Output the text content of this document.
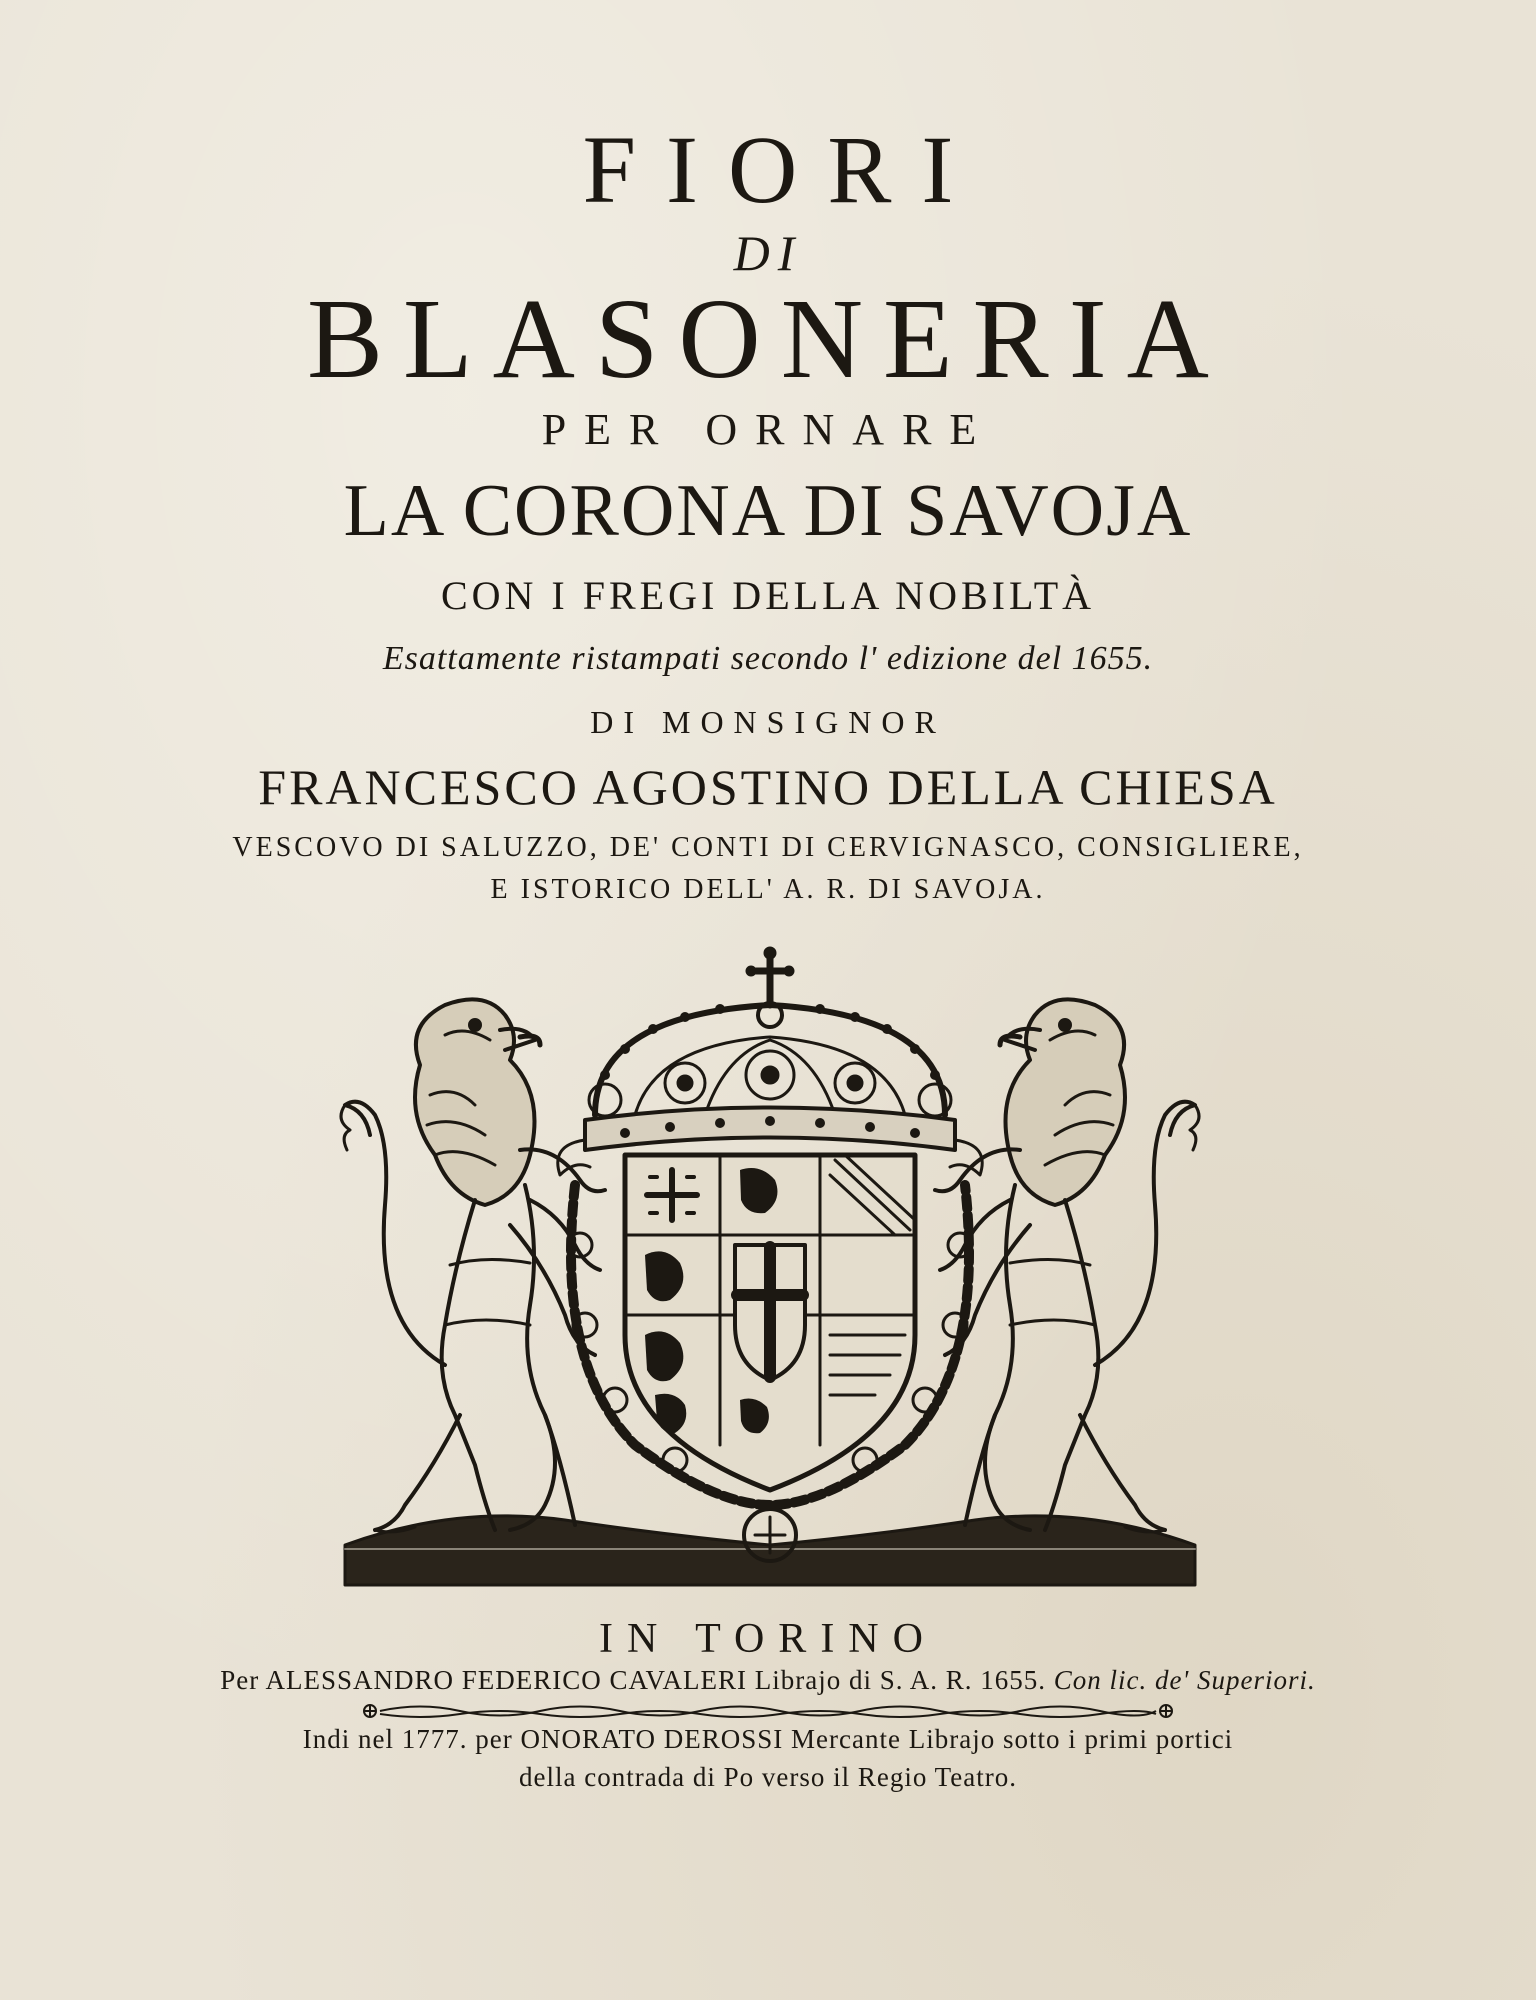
FIORI
DI
BLASONERIA
PER ORNARE
LA CORONA DI SAVOJA
CON I FREGI DELLA NOBILTÀ
Esattamente ristampati secondo l' edizione del 1655.
DI MONSIGNOR
FRANCESCO AGOSTINO DELLA CHIESA
VESCOVO DI SALUZZO, DE' CONTI DI CERVIGNASCO, CONSIGLIERE,
E ISTORICO DELL' A. R. DI SAVOJA.
IN TORINO
Per ALESSANDRO FEDERICO CAVALERI Librajo di S. A. R. 1655. Con lic. de' Superiori.
Indi nel 1777. per ONORATO DEROSSI Mercante Librajo sotto i primi portici
della contrada di Po verso il Regio Teatro.
